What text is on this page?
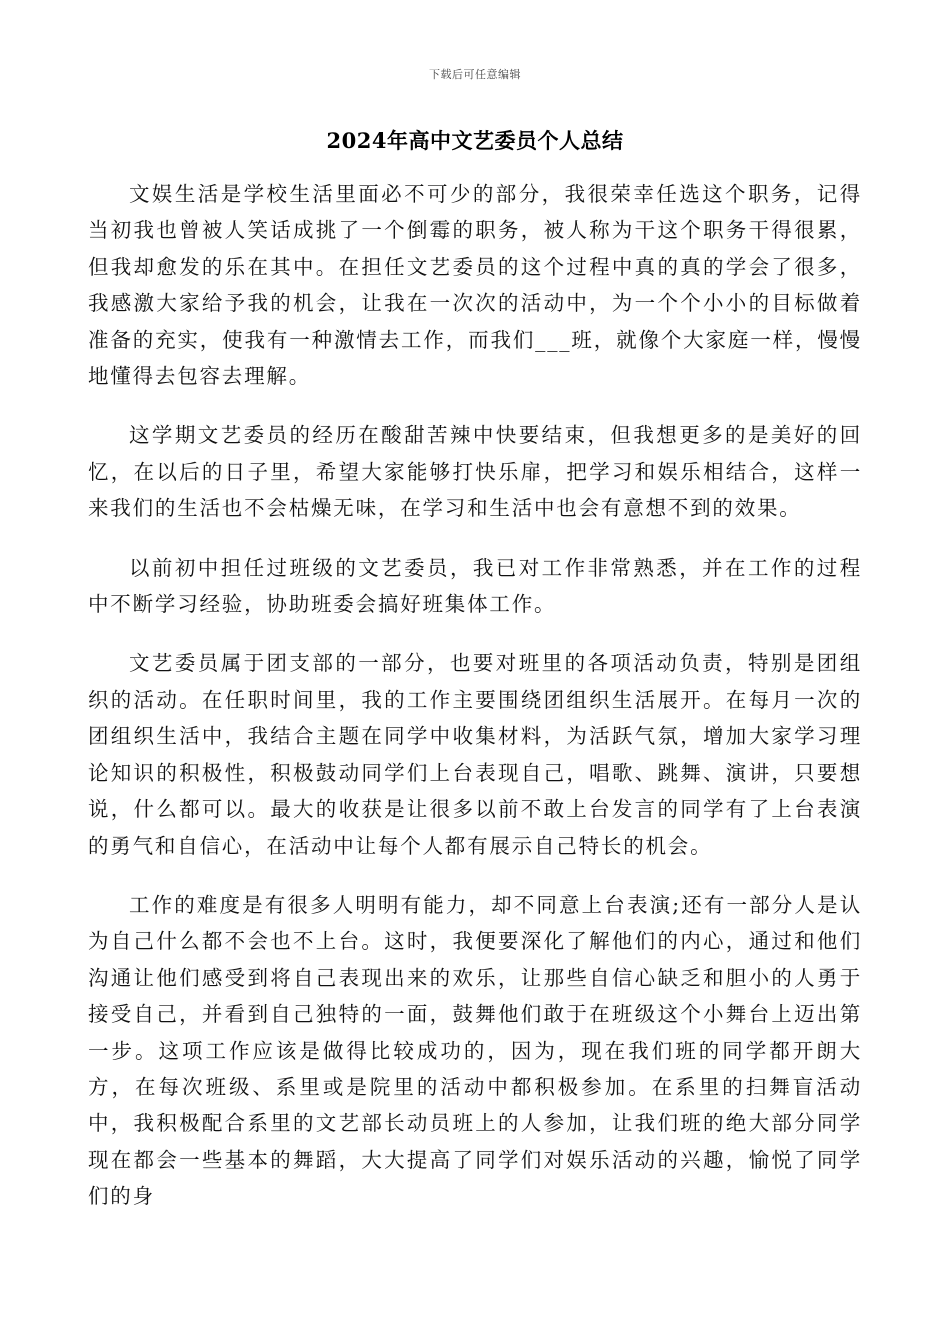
下载后可任意编辑
2024年高中文艺委员个人总结

文娱生活是学校生活里面必不可少的部分，我很荣幸任选这个职务，记得当初我也曾被人笑话成挑了一个倒霉的职务，被人称为干这个职务干得很累，但我却愈发的乐在其中。在担任文艺委员的这个过程中真的真的学会了很多，我感激大家给予我的机会，让我在一次次的活动中，为一个个小小的目标做着准备的充实，使我有一种激情去工作，而我们___班，就像个大家庭一样，慢慢地懂得去包容去理解。

这学期文艺委员的经历在酸甜苦辣中快要结束，但我想更多的是美好的回忆，在以后的日子里，希望大家能够打快乐扉，把学习和娱乐相结合，这样一来我们的生活也不会枯燥无味，在学习和生活中也会有意想不到的效果。

以前初中担任过班级的文艺委员，我已对工作非常熟悉，并在工作的过程中不断学习经验，协助班委会搞好班集体工作。

文艺委员属于团支部的一部分，也要对班里的各项活动负责，特别是团组织的活动。在任职时间里，我的工作主要围绕团组织生活展开。在每月一次的团组织生活中，我结合主题在同学中收集材料，为活跃气氛，增加大家学习理论知识的积极性，积极鼓动同学们上台表现自己，唱歌、跳舞、演讲，只要想说，什么都可以。最大的收获是让很多以前不敢上台发言的同学有了上台表演的勇气和自信心，在活动中让每个人都有展示自己特长的机会。

工作的难度是有很多人明明有能力，却不同意上台表演;还有一部分人是认为自己什么都不会也不上台。这时，我便要深化了解他们的内心，通过和他们沟通让他们感受到将自己表现出来的欢乐，让那些自信心缺乏和胆小的人勇于接受自己，并看到自己独特的一面，鼓舞他们敢于在班级这个小舞台上迈出第一步。这项工作应该是做得比较成功的，因为，现在我们班的同学都开朗大方，在每次班级、系里或是院里的活动中都积极参加。在系里的扫舞盲活动中，我积极配合系里的文艺部长动员班上的人参加，让我们班的绝大部分同学现在都会一些基本的舞蹈，大大提高了同学们对娱乐活动的兴趣，愉悦了同学们的身
